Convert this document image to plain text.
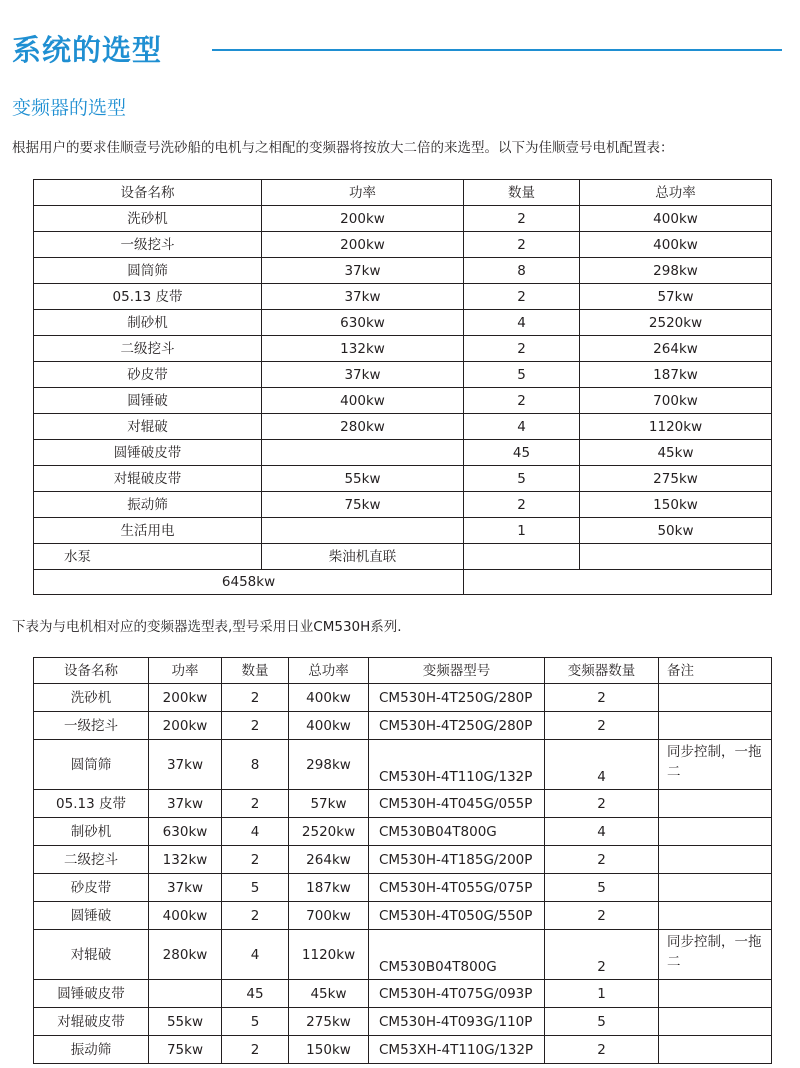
系统的选型
变频器的选型
根据用户的要求佳顺壹号洗砂船的电机与之相配的变频器将按放大二倍的来选型。以下为佳顺壹号电机配置表：
设备名称	功率	数量	总功率
洗砂机	200kw	2	400kw
一级挖斗	200kw	2	400kw
圆筒筛	37kw	8	298kw
05.13 皮带	37kw	2	57kw
制砂机	630kw	4	2520kw
二级挖斗	132kw	2	264kw
砂皮带	37kw	5	187kw
圆锤破	400kw	2	700kw
对辊破	280kw	4	1120kw
圆锤破皮带		45	45kw
对辊破皮带	55kw	5	275kw
振动筛	75kw	2	150kw
生活用电		1	50kw
水泵	柴油机直联		
6458kw			
下表为与电机相对应的变频器选型表,型号采用日业CM530H系列.
设备名称	功率	数量	总功率	变频器型号	变频器数量	备注
洗砂机	200kw	2	400kw	CM530H-4T250G/280P	2	
一级挖斗	200kw	2	400kw	CM530H-4T250G/280P	2	
圆筒筛	37kw	8	298kw	CM530H-4T110G/132P	4	同步控制，一拖二
05.13 皮带	37kw	2	57kw	CM530H-4T045G/055P	2	
制砂机	630kw	4	2520kw	CM530B04T800G	4	
二级挖斗	132kw	2	264kw	CM530H-4T185G/200P	2	
砂皮带	37kw	5	187kw	CM530H-4T055G/075P	5	
圆锤破	400kw	2	700kw	CM530H-4T050G/550P	2	
对辊破	280kw	4	1120kw	CM530B04T800G	2	同步控制，一拖二
圆锤破皮带		45	45kw	CM530H-4T075G/093P	1	
对辊破皮带	55kw	5	275kw	CM530H-4T093G/110P	5	
振动筛	75kw	2	150kw	CM53XH-4T110G/132P	2	
